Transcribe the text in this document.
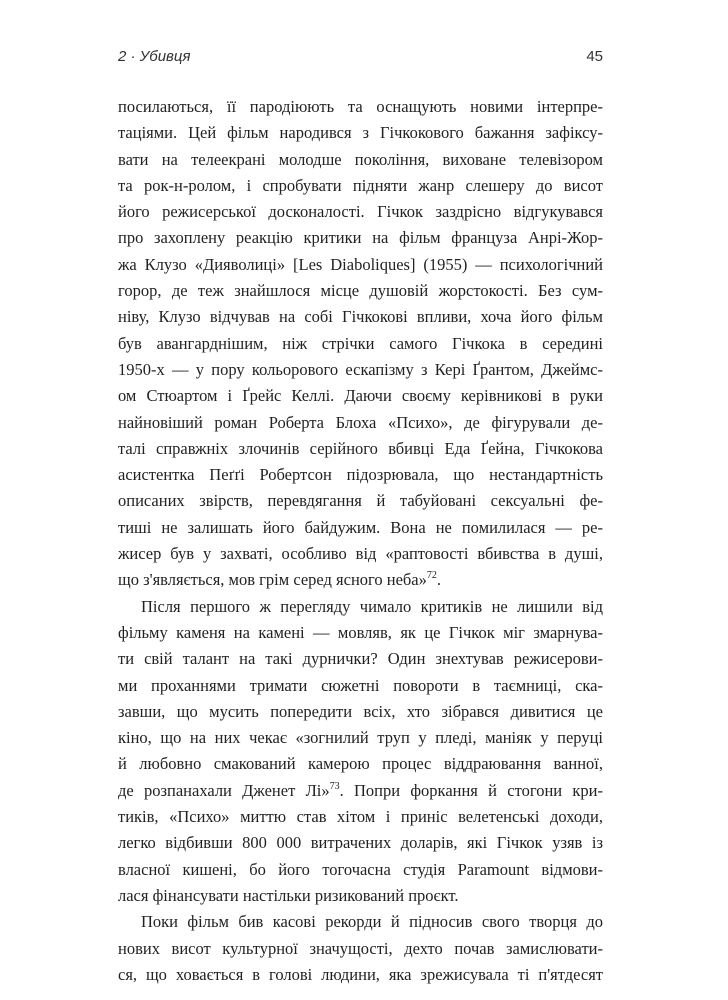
2 · Убивця	45
посилаються, її пародіюють та оснащують новими інтерпре-
таціями. Цей фільм народився з Гічкокового бажання зафіксу-
вати на телеекрані молодше покоління, виховане телевізором
та рок-н-ролом, і спробувати підняти жанр слешеру до висот
його режисерської досконалості. Гічкок заздрісно відгукувався
про захоплену реакцію критики на фільм француза Анрі-Жор-
жа Клузо «Дияволиці» [Les Diaboliques] (1955) — психологічний
горор, де теж знайшлося місце душовій жорстокості. Без сум-
ніву, Клузо відчував на собі Гічкокові впливи, хоча його фільм
був авангарднішим, ніж стрічки самого Гічкока в середині
1950-х — у пору кольорового ескапізму з Кері Ґрантом, Джеймс-
ом Стюартом і Ґрейс Келлі. Даючи своєму керівникові в руки
найновіший роман Роберта Блоха «Психо», де фігурували де-
талі справжніх злочинів серійного вбивці Еда Ґейна, Гічкокова
асистентка Пеґґі Робертсон підозрювала, що нестандартність
описаних звірств, перевдягання й табуйовані сексуальні фе-
тиші не залишать його байдужим. Вона не помилилася — ре-
жисер був у захваті, особливо від «раптовості вбивства в душі,
що з'являється, мов грім серед ясного неба»$^{72}$.
Після першого ж перегляду чимало критиків не лишили від
фільму каменя на камені — мовляв, як це Гічкок міг змарнува-
ти свій талант на такі дурнички? Один знехтував режисерови-
ми проханнями тримати сюжетні повороти в таємниці, ска-
завши, що мусить попередити всіх, хто зібрався дивитися це
кіно, що на них чекає «зогнилий труп у пледі, маніяк у перуці
й любовно смакований камерою процес віддраювання ванної,
де розпанахали Дженет Лі»$^{73}$. Попри форкання й стогони кри-
тиків, «Психо» миттю став хітом і приніс велетенські доходи,
легко відбивши 800 000 витрачених доларів, які Гічкок узяв із
власної кишені, бо його тогочасна студія Paramount відмови-
лася фінансувати настільки ризикований проєкт.
Поки фільм бив касові рекорди й підносив свого творця до
нових висот культурної значущості, дехто почав замислювати-
ся, що ховається в голові людини, яка зрежисувала ті п'ятдесят
